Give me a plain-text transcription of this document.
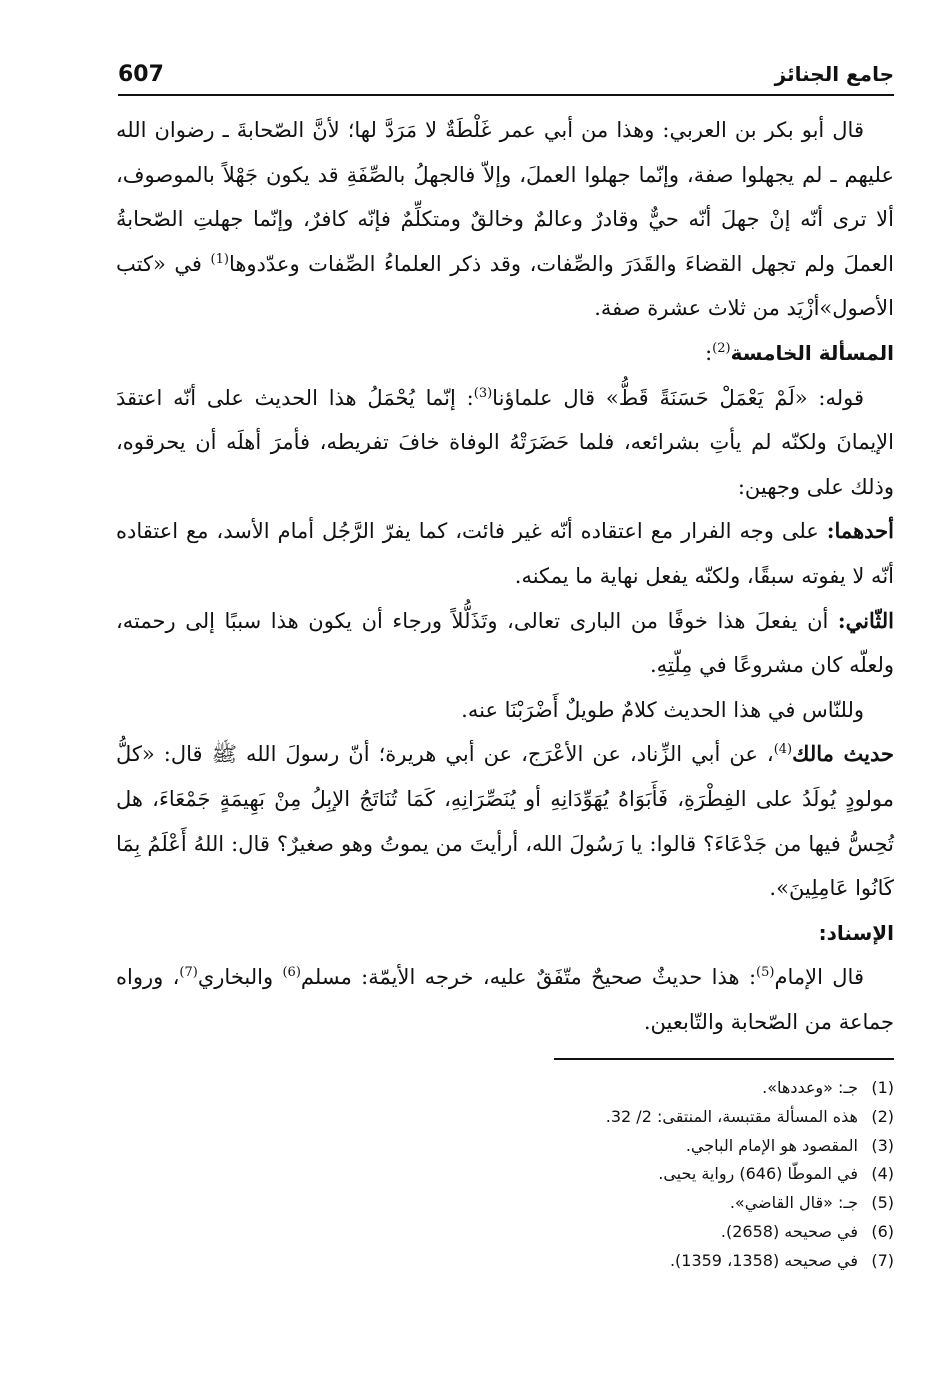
607	جامع الجنائز

قال أبو بكر بن العربي: وهذا من أبي عمر غَلْطَةٌ لا مَرَدَّ لها؛ لأنَّ الصّحابةَ ـ رضوان الله عليهم ـ لم يجهلوا صفة، وإنّما جهلوا العملَ، وإلاّ فالجهلُ بالصِّفَةِ قد يكون جَهْلاً بالموصوف، ألا ترى أنّه إنْ جهلَ أنّه حيٌّ وقادرٌ وعالمٌ وخالقٌ ومتكلِّمٌ فإنّه كافرٌ، وإنّما جهلتِ الصّحابةُ العملَ ولم تجهل القضاءَ والقَدَرَ والصِّفات، وقد ذكر العلماءُ الصِّفات وعدّدوها$^{(1)}$ في «كتب الأصول»أزْيَد من ثلاث عشرة صفة.

المسألة الخامسة$^{(2)}$:

قوله: «لَمْ يَعْمَلْ حَسَنَةً قَطُّ» قال علماؤنا$^{(3)}$: إنّما يُحْمَلُ هذا الحديث على أنّه اعتقدَ الإيمانَ ولكنّه لم يأتِ بشرائعه، فلما حَضَرَتْهُ الوفاة خافَ تفريطه، فأمرَ أهلَه أن يحرقوه، وذلك على وجهين:

أحدهما: على وجه الفرار مع اعتقاده أنّه غير فائت، كما يفرّ الرَّجُل أمام الأسد، مع اعتقاده أنّه لا يفوته سبقًا، ولكنّه يفعل نهاية ما يمكنه.

الثّاني: أن يفعلَ هذا خوفًا من البارى تعالى، وتَذَلُّلاً ورجاء أن يكون هذا سببًا إلى رحمته، ولعلّه كان مشروعًا في مِلّتِهِ.

وللنّاس في هذا الحديث كلامٌ طويلٌ أَضْرَبْنَا عنه.

حديث مالك$^{(4)}$، عن أبي الزِّناد، عن الأعْرَج، عن أبي هريرة؛ أنّ رسولَ الله ﷺ قال: «كلُّ مولودٍ يُولَدُ على الفِطْرَةِ، فَأَبَوَاهُ يُهَوِّدَانِهِ أو يُنَصِّرَانِهِ، كَمَا تُنَاتَجُ الإبِلُ مِنْ بَهِيمَةٍ جَمْعَاءَ، هل تُحِسُّ فيها من جَدْعَاءَ؟ قالوا: يا رَسُولَ الله، أرأيتَ من يموتُ وهو صغيرٌ؟ قال: اللهُ أَعْلَمُ بِمَا كَانُوا عَامِلِينَ».

الإسناد:

قال الإمام$^{(5)}$: هذا حديثٌ صحيحٌ متّفَقٌ عليه، خرجه الأيمّة: مسلم$^{(6)}$ والبخاري$^{(7)}$، ورواه جماعة من الصّحابة والتّابعين.

(1)
جـ: «وعددها».
(2)
هذه المسألة مقتبسة، المنتقى: 2/ 32.
(3)
المقصود هو الإمام الباجي.
(4)
في الموطّا (646) رواية يحيى.
(5)
جـ: «قال القاضي».
(6)
في صحيحه (2658).
(7)
في صحيحه (1358، 1359).
